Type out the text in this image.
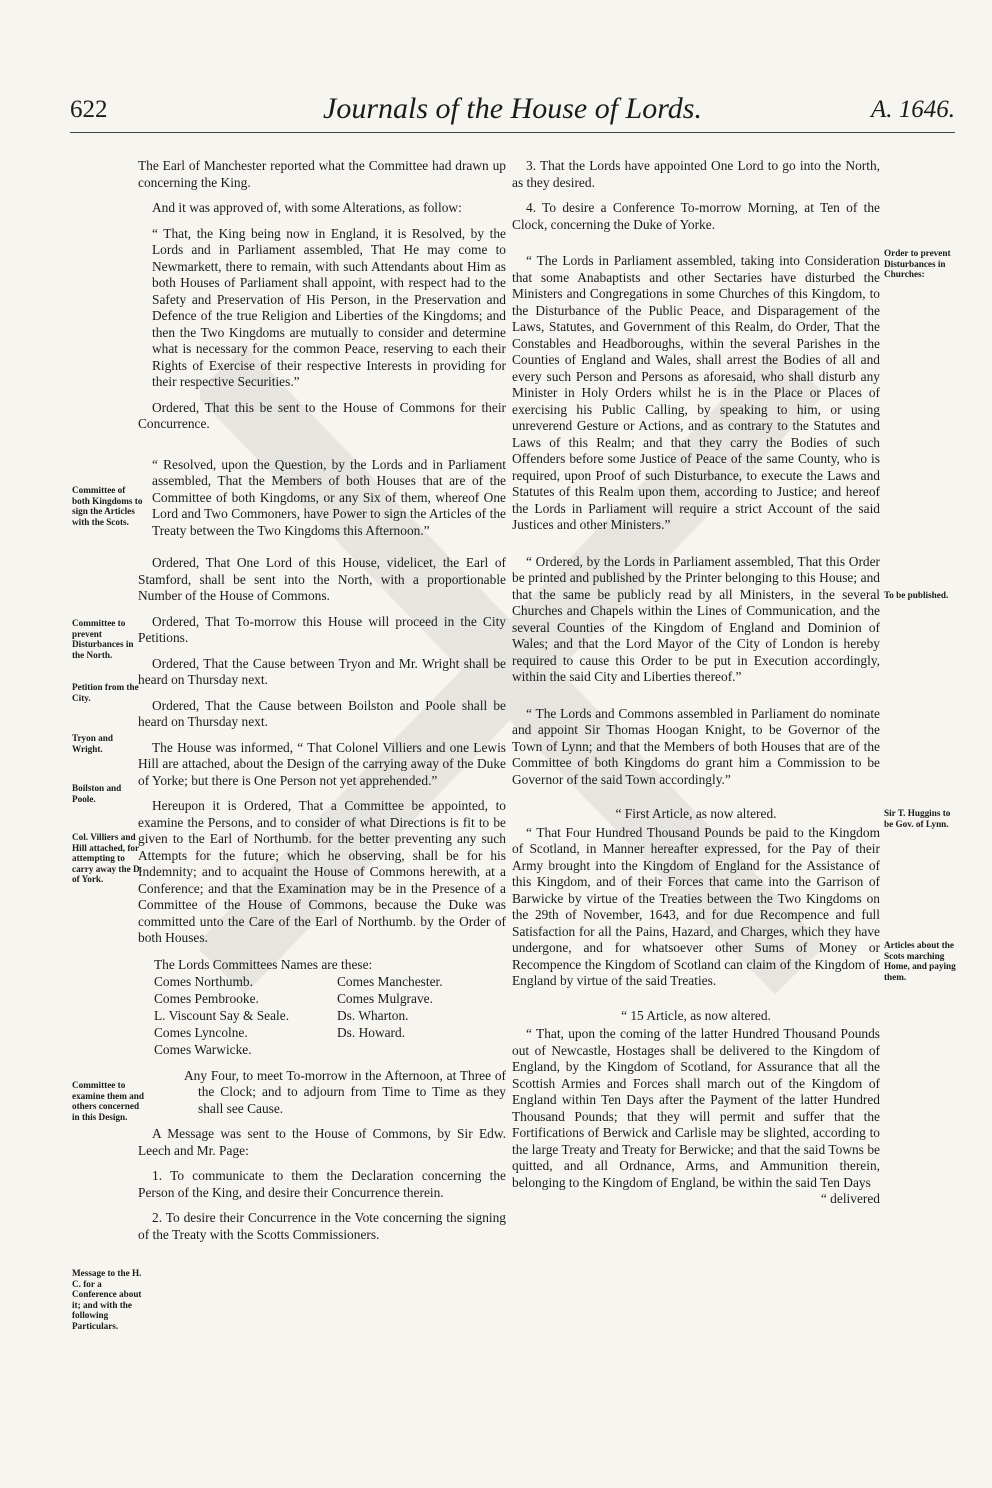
622	Journals of the House of Lords.	A. 1646.

The Earl of Manchester reported what the Committee had drawn up concerning the King.

And it was approved of, with some Alterations, as follow:

“ That, the King being now in England, it is Resolved, by the Lords and in Parliament assembled, That He may come to Newmarkett, there to remain, with such Attendants about Him as both Houses of Parliament shall appoint, with respect had to the Safety and Preservation of His Person, in the Preservation and Defence of the true Religion and Liberties of the Kingdoms; and then the Two Kingdoms are mutually to consider and determine what is necessary for the common Peace, reserving to each their Rights of Exercise of their respective Interests in providing for their respective Securities.”

Ordered, That this be sent to the House of Commons for their Concurrence.

“ Resolved, upon the Question, by the Lords and in Parliament assembled, That the Members of both Houses that are of the Committee of both Kingdoms, or any Six of them, whereof One Lord and Two Commoners, have Power to sign the Articles of the Treaty between the Two Kingdoms this Afternoon.”

Ordered, That One Lord of this House, videlicet, the Earl of Stamford, shall be sent into the North, with a proportionable Number of the House of Commons.

Ordered, That To-morrow this House will proceed in the City Petitions.

Ordered, That the Cause between Tryon and Mr. Wright shall be heard on Thursday next.

Ordered, That the Cause between Boilston and Poole shall be heard on Thursday next.

The House was informed, “ That Colonel Villiers and one Lewis Hill are attached, about the Design of the carrying away of the Duke of Yorke; but there is One Person not yet apprehended.”

Hereupon it is Ordered, That a Committee be appointed, to examine the Persons, and to consider of what Directions is fit to be given to the Earl of Northumb. for the better preventing any such Attempts for the future; which he observing, shall be for his Indemnity; and to acquaint the House of Commons herewith, at a Conference; and that the Examination may be in the Presence of a Committee of the House of Commons, because the Duke was committed unto the Care of the Earl of Northumb. by the Order of both Houses.

The Lords Committees Names are these:
Comes Northumb.	Comes Manchester.
Comes Pembrooke.	Comes Mulgrave.
L. Viscount Say & Seale.	Ds. Wharton.
Comes Lyncolne.	Ds. Howard.
Comes Warwicke.

Any Four, to meet To-morrow in the Afternoon, at Three of the Clock; and to adjourn from Time to Time as they shall see Cause.

A Message was sent to the House of Commons, by Sir Edw. Leech and Mr. Page:

1. To communicate to them the Declaration concerning the Person of the King, and desire their Concurrence therein.

2. To desire their Concurrence in the Vote concerning the signing of the Treaty with the Scotts Commissioners.

3. That the Lords have appointed One Lord to go into the North, as they desired.

4. To desire a Conference To-morrow Morning, at Ten of the Clock, concerning the Duke of Yorke.

“ The Lords in Parliament assembled, taking into Consideration that some Anabaptists and other Sectaries have disturbed the Ministers and Congregations in some Churches of this Kingdom, to the Disturbance of the Public Peace, and Disparagement of the Laws, Statutes, and Government of this Realm, do Order, That the Constables and Headboroughs, within the several Parishes in the Counties of England and Wales, shall arrest the Bodies of all and every such Person and Persons as aforesaid, who shall disturb any Minister in Holy Orders whilst he is in the Place or Places of exercising his Public Calling, by speaking to him, or using unreverend Gesture or Actions, and as contrary to the Statutes and Laws of this Realm; and that they carry the Bodies of such Offenders before some Justice of Peace of the same County, who is required, upon Proof of such Disturbance, to execute the Laws and Statutes of this Realm upon them, according to Justice; and hereof the Lords in Parliament will require a strict Account of the said Justices and other Ministers.”

“ Ordered, by the Lords in Parliament assembled, That this Order be printed and published by the Printer belonging to this House; and that the same be publicly read by all Ministers, in the several Churches and Chapels within the Lines of Communication, and the several Counties of the Kingdom of England and Dominion of Wales; and that the Lord Mayor of the City of London is hereby required to cause this Order to be put in Execution accordingly, within the said City and Liberties thereof.”

“ The Lords and Commons assembled in Parliament do nominate and appoint Sir Thomas Hoogan Knight, to be Governor of the Town of Lynn; and that the Members of both Houses that are of the Committee of both Kingdoms do grant him a Commission to be Governor of the said Town accordingly.”

“ First Article, as now altered.

“ That Four Hundred Thousand Pounds be paid to the Kingdom of Scotland, in Manner hereafter expressed, for the Pay of their Army brought into the Kingdom of England for the Assistance of this Kingdom, and of their Forces that came into the Garrison of Barwicke by virtue of the Treaties between the Two Kingdoms on the 29th of November, 1643, and for due Recompence and full Satisfaction for all the Pains, Hazard, and Charges, which they have undergone, and for whatsoever other Sums of Money or Recompence the Kingdom of Scotland can claim of the Kingdom of England by virtue of the said Treaties.

“ 15 Article, as now altered.

“ That, upon the coming of the latter Hundred Thousand Pounds out of Newcastle, Hostages shall be delivered to the Kingdom of England, by the Kingdom of Scotland, for Assurance that all the Scottish Armies and Forces shall march out of the Kingdom of England within Ten Days after the Payment of the latter Hundred Thousand Pounds; that they will permit and suffer that the Fortifications of Berwick and Carlisle may be slighted, according to the large Treaty and Treaty for Berwicke; and that the said Towns be quitted, and all Ordnance, Arms, and Ammunition therein, belonging to the Kingdom of England, be within the said Ten Days

“ delivered

Committee of both Kingdoms to sign the Articles with the Scots.
Committee to prevent Disturbances in the North.
Petition from the City.
Tryon and Wright.
Boilston and Poole.
Col. Villiers and Hill attached, for attempting to carry away the D. of York.
Committee to examine them and others concerned in this Design.
Message to the H. C. for a Conference about it; and with the following Particulars.
Order to prevent Disturbances in Churches:
To be published.
Sir T. Huggins to be Gov. of Lynn.
Articles about the Scots marching Home, and paying them.
